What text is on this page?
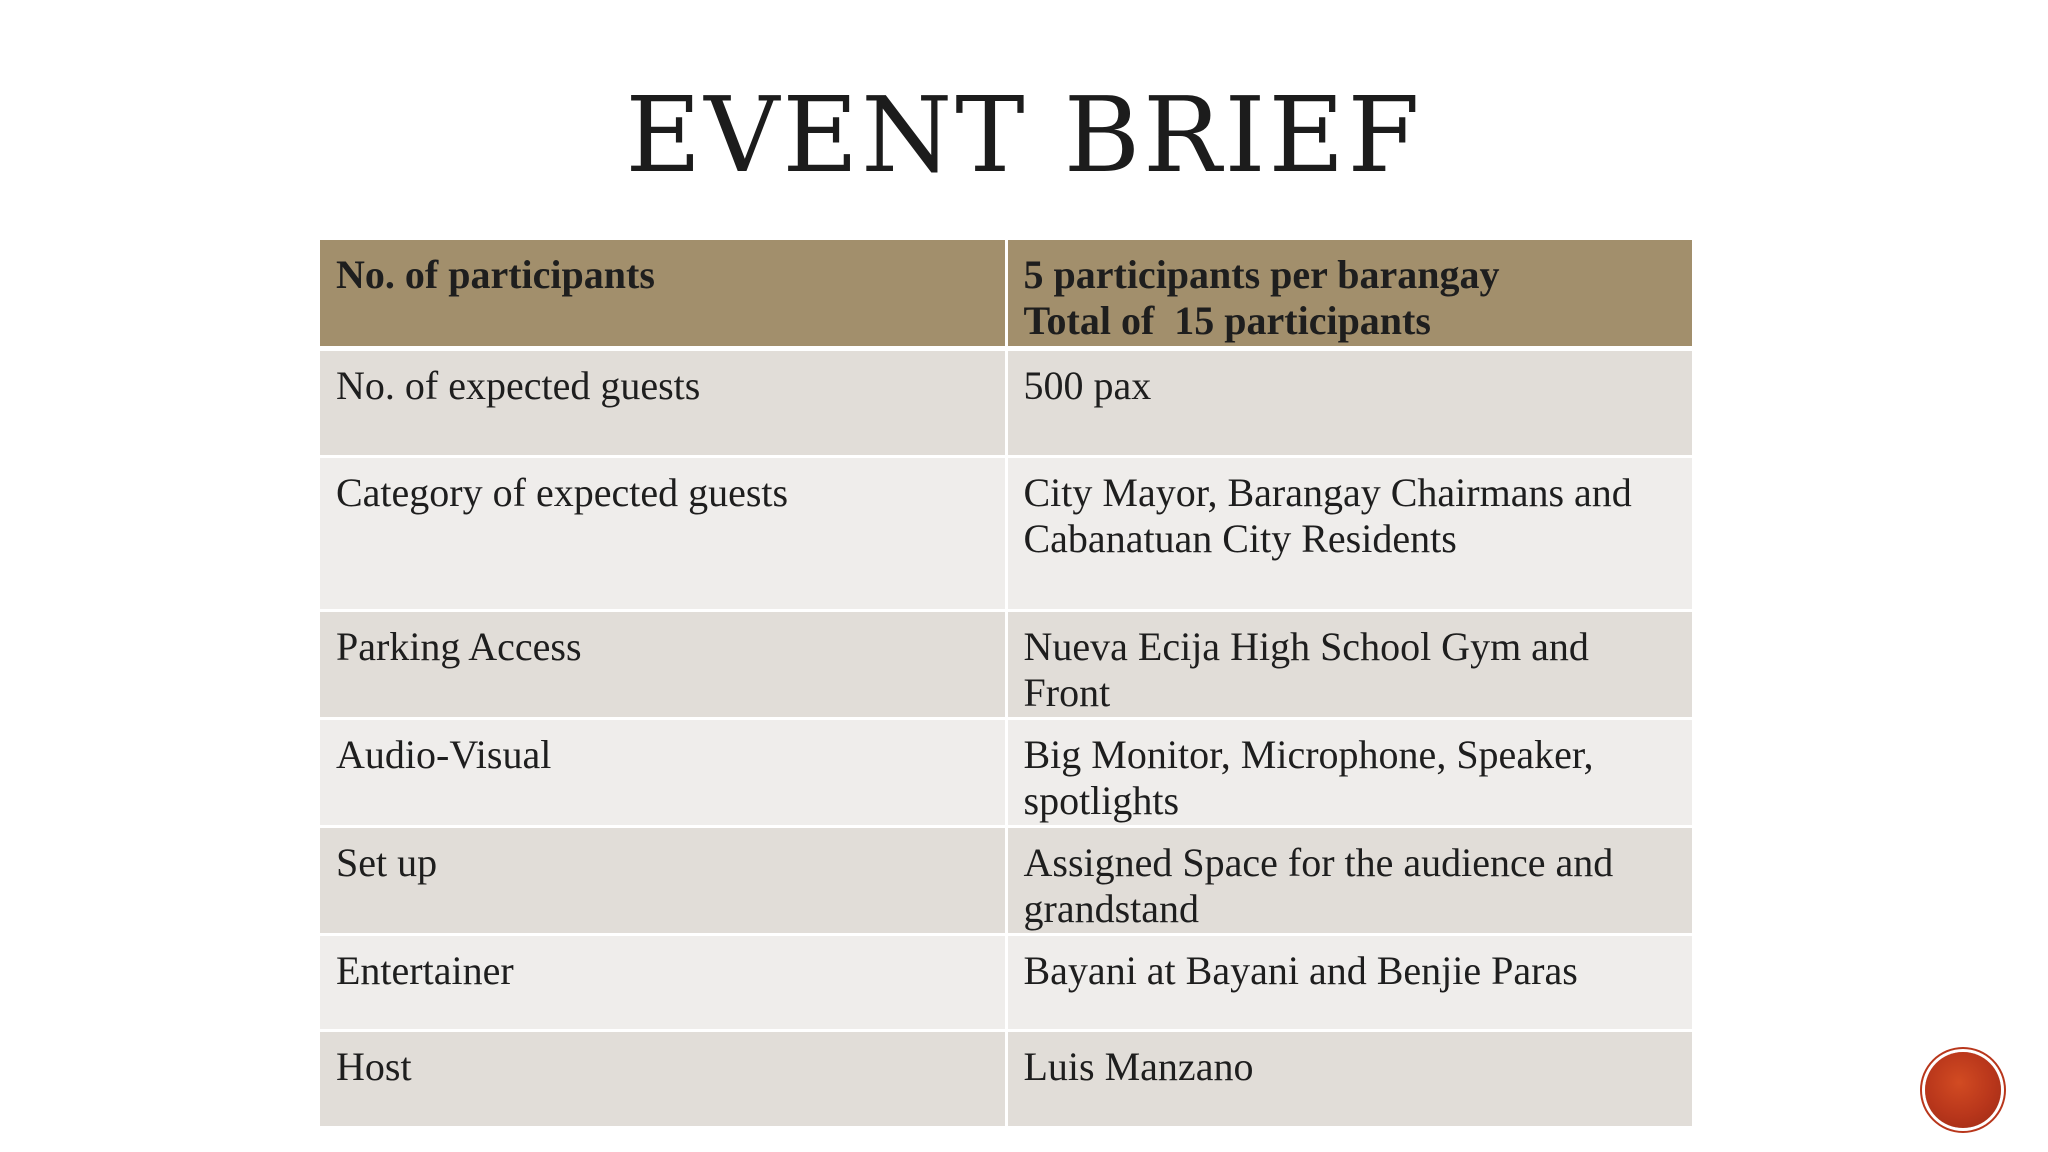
EVENT BRIEF
No. of participants	5 participants per barangay
Total of  15 participants

No. of expected guests	500 pax

Category of expected guests	City Mayor, Barangay Chairmans and  Cabanatuan City Residents

Parking Access	Nueva Ecija High School Gym and Front

Audio-Visual	Big Monitor, Microphone, Speaker, spotlights

Set up	Assigned Space for the audience and grandstand

Entertainer	Bayani at Bayani and Benjie Paras

Host	Luis Manzano
